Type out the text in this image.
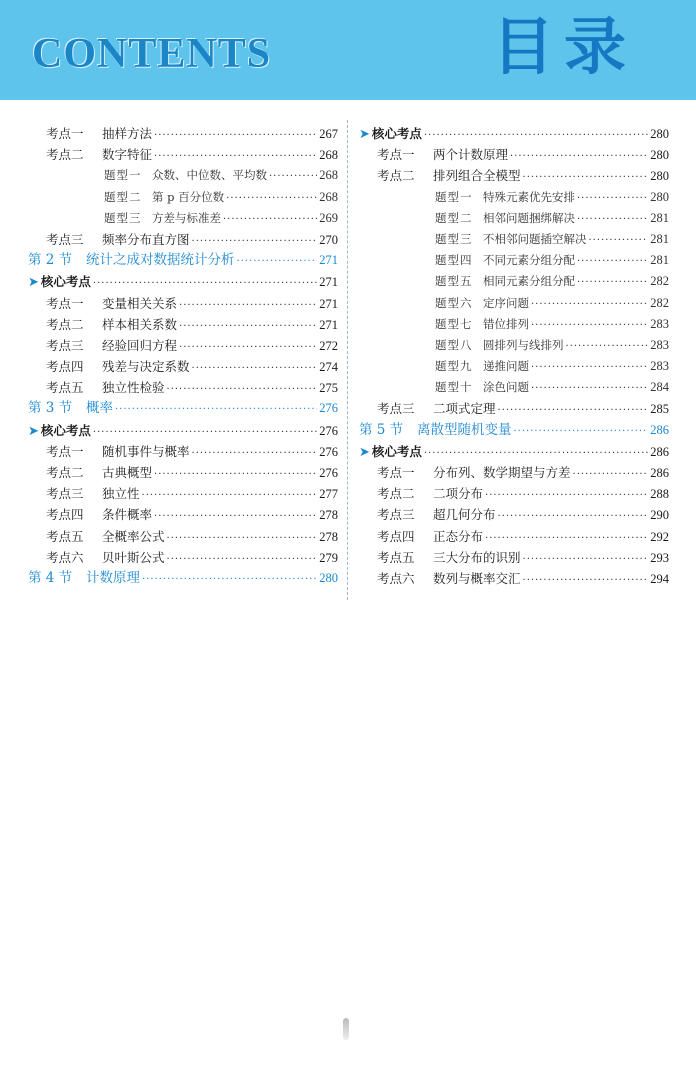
CONTENTS	目录
考点一 抽样方法 ·····	267
考点二 数字特征 ·····	268
题型一 众数、中位数、平均数 ·····	268
题型二 第 p 百分位数 ·····	268
题型三 方差与标准差 ·····	269
考点三 频率分布直方图 ·····	270
第 2 节 统计之成对数据统计分析 ·····	271
➤ 核心考点 ·····	271
考点一 变量相关关系 ·····	271
考点二 样本相关系数 ·····	271
考点三 经验回归方程 ·····	272
考点四 残差与决定系数 ·····	274
考点五 独立性检验 ·····	275
第 3 节 概率 ·····	276
➤ 核心考点 ·····	276
考点一 随机事件与概率 ·····	276
考点二 古典概型 ·····	276
考点三 独立性 ·····	277
考点四 条件概率 ·····	278
考点五 全概率公式 ·····	278
考点六 贝叶斯公式 ·····	279
第 4 节 计数原理 ·····	280
➤ 核心考点 ·····	280
考点一 两个计数原理 ·····	280
考点二 排列组合全模型 ·····	280
题型一 特殊元素优先安排 ·····	280
题型二 相邻问题捆绑解决 ·····	281
题型三 不相邻问题插空解决 ·····	281
题型四 不同元素分组分配 ·····	281
题型五 相同元素分组分配 ·····	282
题型六 定序问题 ·····	282
题型七 错位排列 ·····	283
题型八 圆排列与线排列 ·····	283
题型九 递推问题 ·····	283
题型十 涂色问题 ·····	284
考点三 二项式定理 ·····	285
第 5 节 离散型随机变量 ·····	286
➤ 核心考点 ·····	286
考点一 分布列、数学期望与方差 ·····	286
考点二 二项分布 ·····	288
考点三 超几何分布 ·····	290
考点四 正态分布 ·····	292
考点五 三大分布的识别 ·····	293
考点六 数列与概率交汇 ·····	294
